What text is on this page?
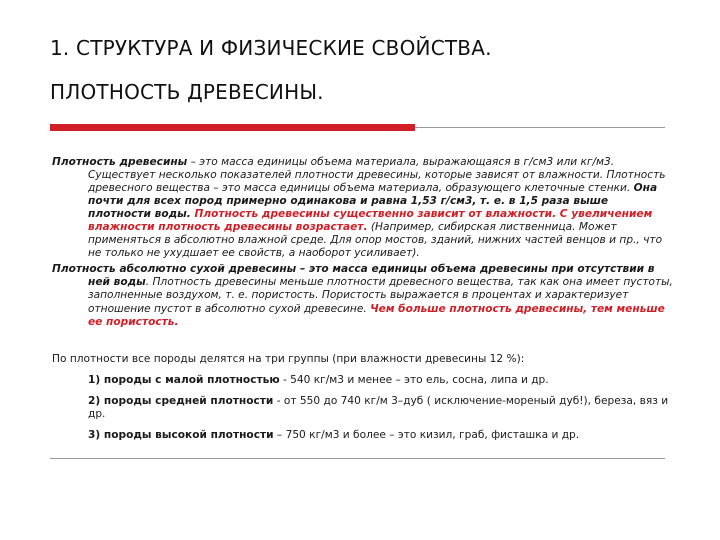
1. СТРУКТУРА И ФИЗИЧЕСКИЕ СВОЙСТВА.
ПЛОТНОСТЬ ДРЕВЕСИНЫ.

Плотность древесины – это масса единицы объема материала, выражающаяся в г/см3 или кг/м3. Существует несколько показателей плотности древесины, которые зависят от влажности. Плотность древесного вещества – это масса единицы объема материала, образующего клеточные стенки. Она почти для всех пород примерно одинакова и равна 1,53 г/см3, т. е. в 1,5 раза выше плотности воды. Плотность древесины существенно зависит от влажности. С увеличением влажности плотность древесины возрастает. (Например, сибирская лиственница. Может применяться в абсолютно влажной среде. Для опор мостов, зданий, нижних частей венцов и пр., что не только не ухудшает ее свойств, а наоборот усиливает).

Плотность абсолютно сухой древесины – это масса единицы объема древесины при отсутствии в ней воды. Плотность древесины меньше плотности древесного вещества, так как она имеет пустоты, заполненные воздухом, т. е. пористость. Пористость выражается в процентах и характеризует отношение пустот в абсолютно сухой древесине. Чем больше плотность древесины, тем меньше ее пористость.

По плотности все породы делятся на три группы (при влажности древесины 12 %):

1) породы с малой плотностью - 540 кг/м3 и менее – это ель, сосна, липа и др.

2) породы средней плотности - от 550 до 740 кг/м 3–дуб ( исключение-мореный дуб!), береза, вяз и др.

3) породы высокой плотности – 750 кг/м3 и более – это кизил, граб, фисташка и др.
